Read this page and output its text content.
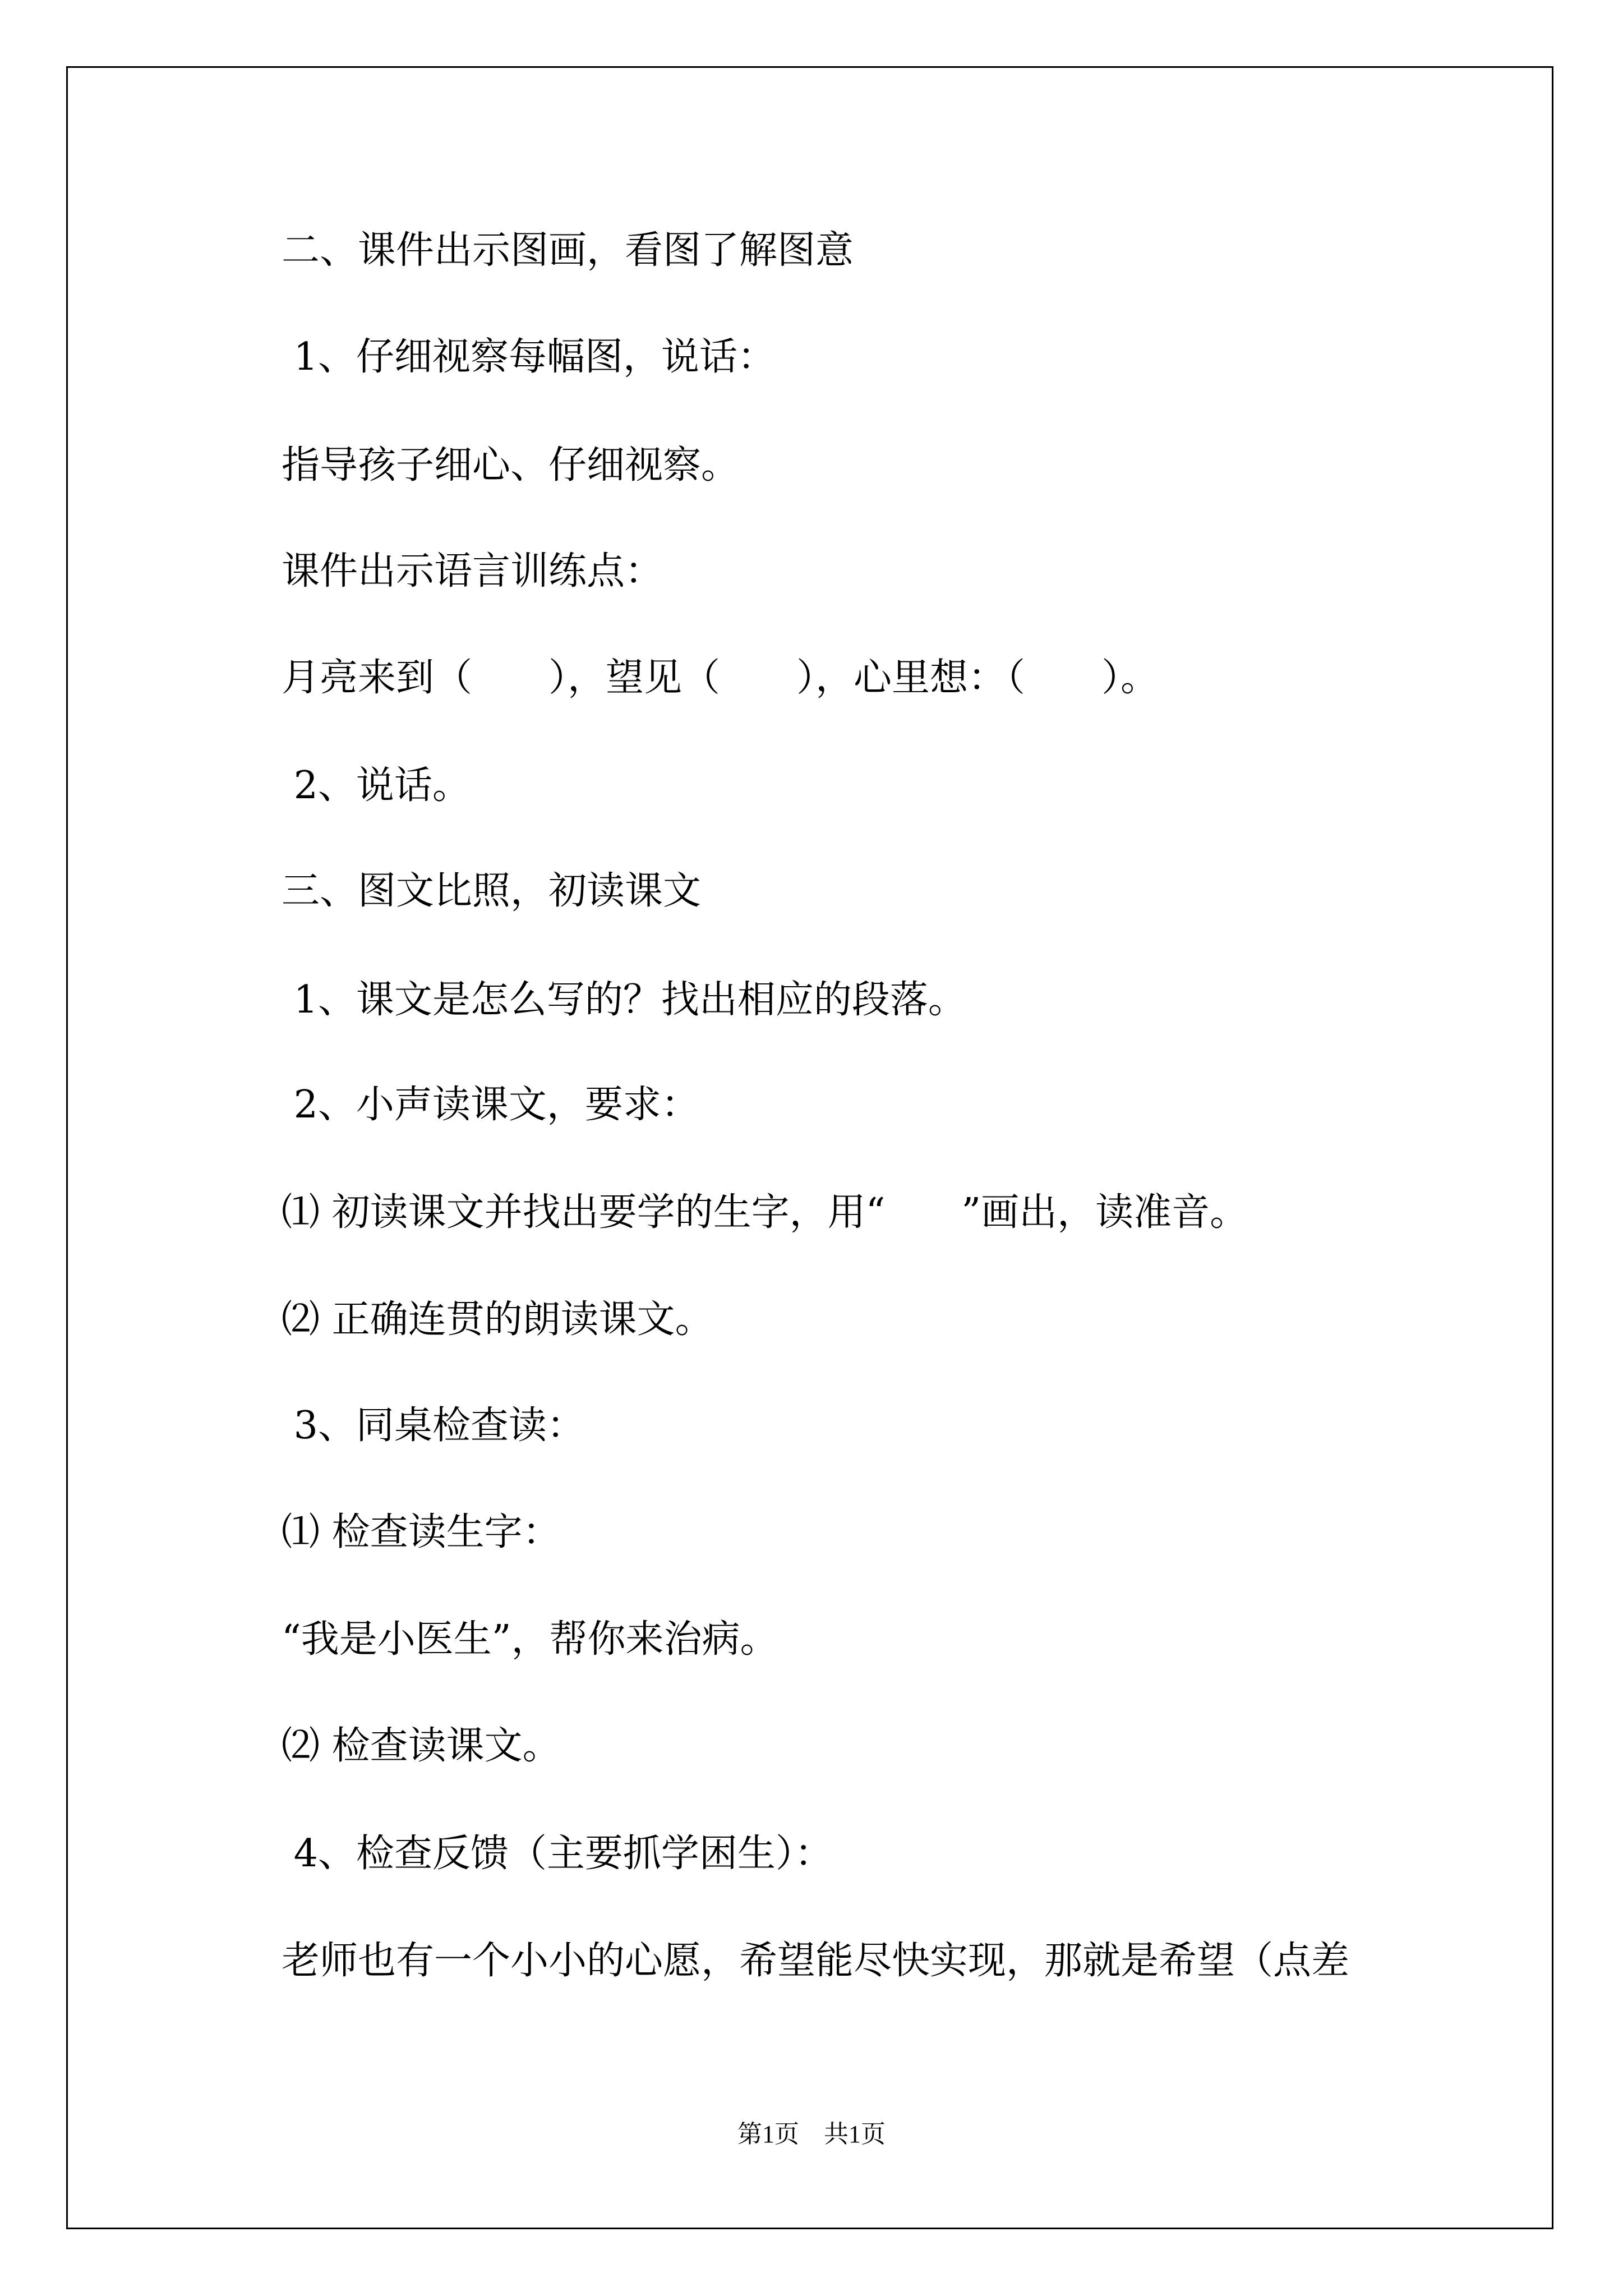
二、课件出示图画，看图了解图意

1、仔细视察每幅图，说话：

指导孩子细心、仔细视察。

课件出示语言训练点：

月亮来到（　　），望见（　　），心里想：（　　）。

2、说话。

三、图文比照，初读课文

1、课文是怎么写的？找出相应的段落。

2、小声读课文，要求：

⑴ 初读课文并找出要学的生字，用“　　”画出，读准音。

⑵ 正确连贯的朗读课文。

3、同桌检查读：

⑴ 检查读生字：

“我是小医生”，帮你来治病。

⑵ 检查读课文。

4、检查反馈（主要抓学困生）：

老师也有一个小小的心愿，希望能尽快实现，那就是希望（点差

第1页　共1页
